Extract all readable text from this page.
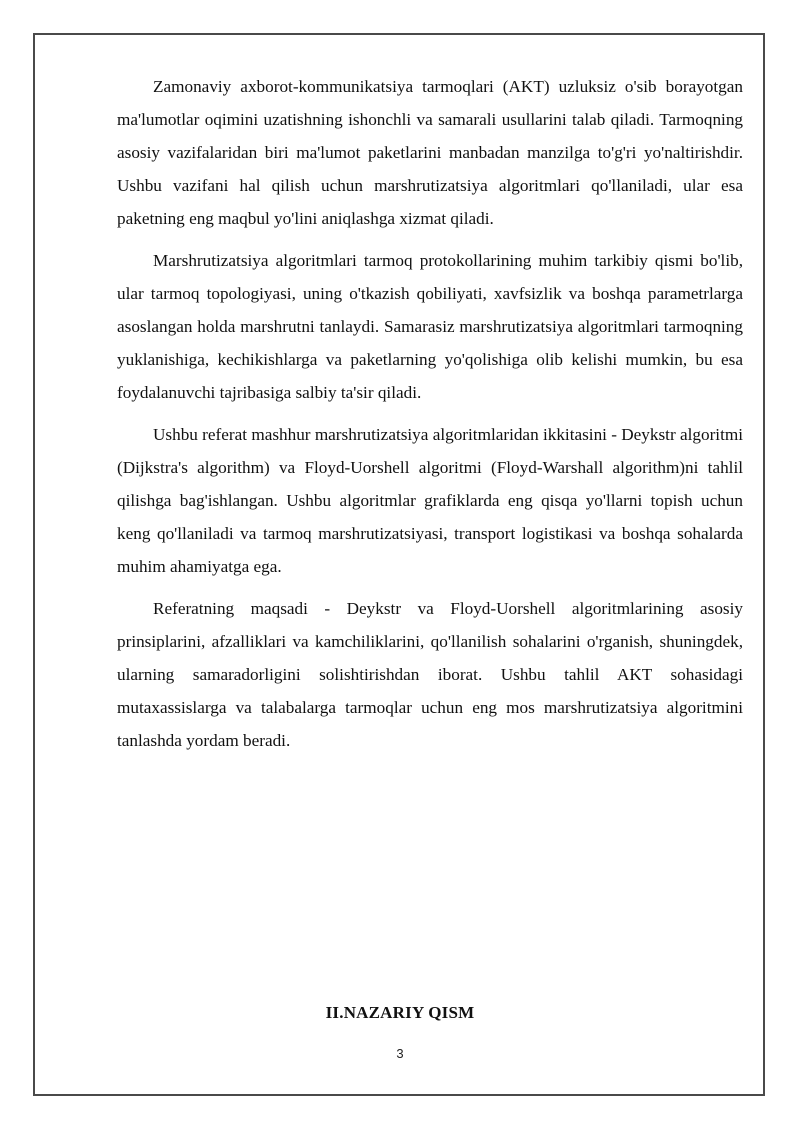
Zamonaviy axborot-kommunikatsiya tarmoqlari (AKT) uzluksiz o'sib borayotgan ma'lumotlar oqimini uzatishning ishonchli va samarali usullarini talab qiladi. Tarmoqning asosiy vazifalaridan biri ma'lumot paketlarini manbadan manzilga to'g'ri yo'naltirishdir. Ushbu vazifani hal qilish uchun marshrutizatsiya algoritmlari qo'llaniladi, ular esa paketning eng maqbul yo'lini aniqlashga xizmat qiladi.

Marshrutizatsiya algoritmlari tarmoq protokollarining muhim tarkibiy qismi bo'lib, ular tarmoq topologiyasi, uning o'tkazish qobiliyati, xavfsizlik va boshqa parametrlarga asoslangan holda marshrutni tanlaydi. Samarasiz marshrutizatsiya algoritmlari tarmoqning yuklanishiga, kechikishlarga va paketlarning yo'qolishiga olib kelishi mumkin, bu esa foydalanuvchi tajribasiga salbiy ta'sir qiladi.

Ushbu referat mashhur marshrutizatsiya algoritmlaridan ikkitasini - Deykstr algoritmi (Dijkstra's algorithm) va Floyd-Uorshell algoritmi (Floyd-Warshall algorithm)ni tahlil qilishga bag'ishlangan. Ushbu algoritmlar grafiklarda eng qisqa yo'llarni topish uchun keng qo'llaniladi va tarmoq marshrutizatsiyasi, transport logistikasi va boshqa sohalarda muhim ahamiyatga ega.

Referatning maqsadi - Deykstr va Floyd-Uorshell algoritmlarining asosiy prinsiplarini, afzalliklari va kamchiliklarini, qo'llanilish sohalarini o'rganish, shuningdek, ularning samaradorligini solishtirishdan iborat. Ushbu tahlil AKT sohasidagi mutaxassislarga va talabalarga tarmoqlar uchun eng mos marshrutizatsiya algoritmini tanlashda yordam beradi.

II.NAZARIY QISM
3
